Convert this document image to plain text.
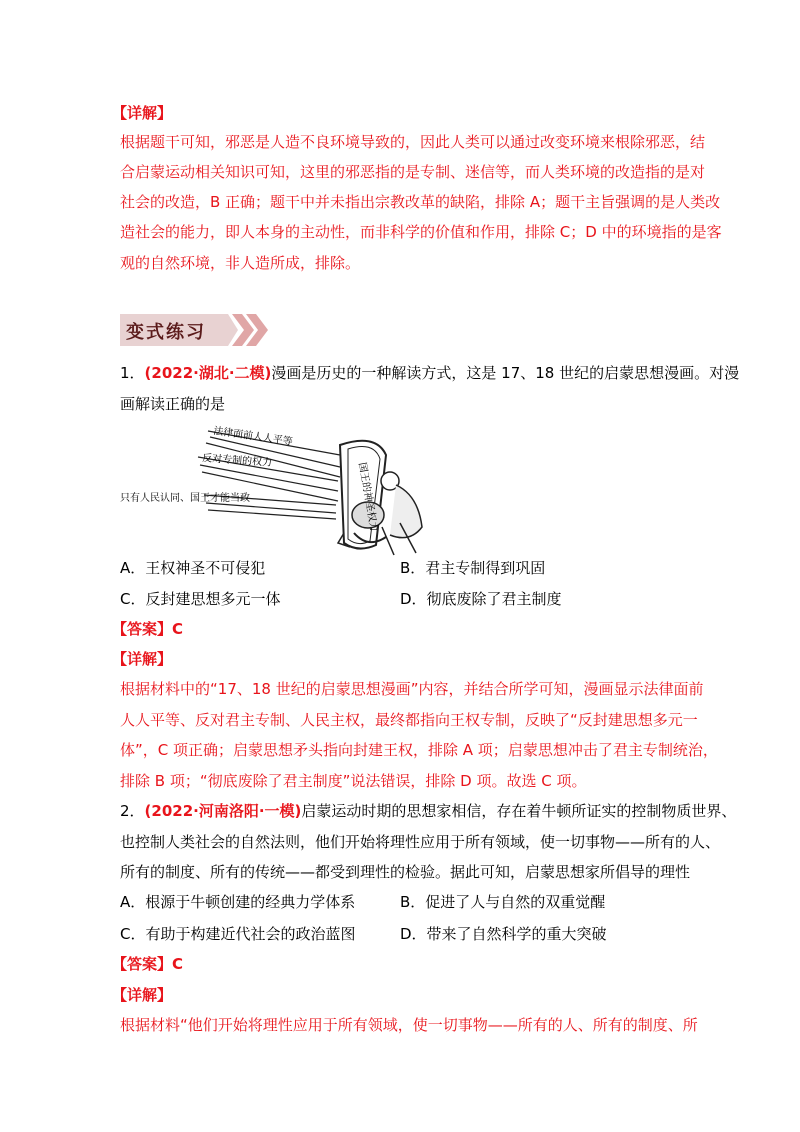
【详解】
根据题干可知，邪恶是人造不良环境导致的，因此人类可以通过改变环境来根除邪恶，结
合启蒙运动相关知识可知，这里的邪恶指的是专制、迷信等，而人类环境的改造指的是对
社会的改造，B 正确；题干中并未指出宗教改革的缺陷，排除 A；题干主旨强调的是人类改
造社会的能力，即人本身的主动性，而非科学的价值和作用，排除 C；D 中的环境指的是客
观的自然环境，非人造所成，排除。
变式练习
1．(2022·湖北·二模)漫画是历史的一种解读方式，这是 17、18 世纪的启蒙思想漫画。对漫
画解读正确的是
法律面前人人平等
反对专制的权力
只有人民认同、国王才能当政	国王的神圣权力
A．王权神圣不可侵犯	B．君主专制得到巩固
C．反封建思想多元一体	D．彻底废除了君主制度
【答案】C
【详解】
根据材料中的“17、18 世纪的启蒙思想漫画”内容，并结合所学可知，漫画显示法律面前
人人平等、反对君主专制、人民主权，最终都指向王权专制，反映了“反封建思想多元一
体”，C 项正确；启蒙思想矛头指向封建王权，排除 A 项；启蒙思想冲击了君主专制统治，
排除 B 项；“彻底废除了君主制度”说法错误，排除 D 项。故选 C 项。
2．(2022·河南洛阳·一模)启蒙运动时期的思想家相信，存在着牛顿所证实的控制物质世界、
也控制人类社会的自然法则，他们开始将理性应用于所有领域，使一切事物——所有的人、
所有的制度、所有的传统——都受到理性的检验。据此可知，启蒙思想家所倡导的理性
A．根源于牛顿创建的经典力学体系	B．促进了人与自然的双重觉醒
C．有助于构建近代社会的政治蓝图	D．带来了自然科学的重大突破
【答案】C
【详解】
根据材料“他们开始将理性应用于所有领域，使一切事物——所有的人、所有的制度、所
